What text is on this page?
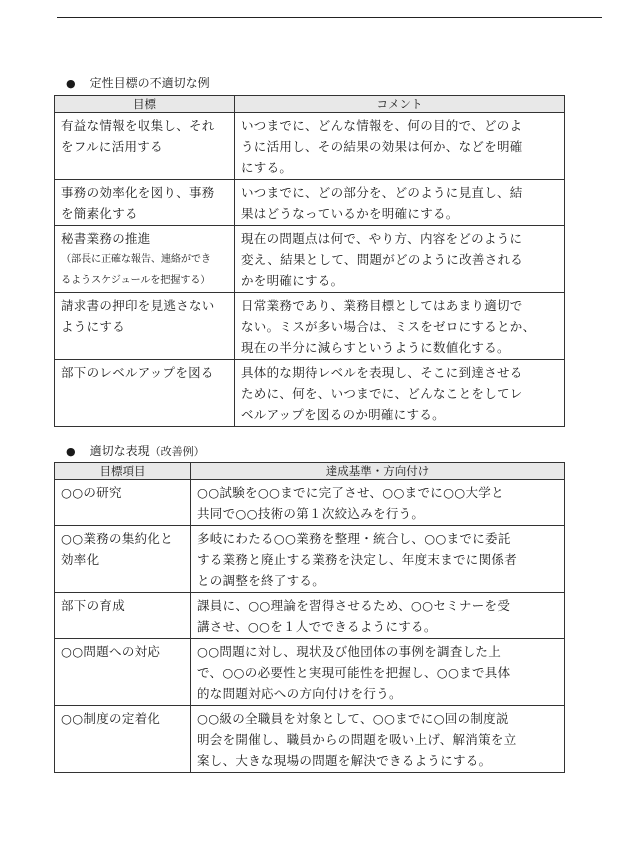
● 定性目標の不適切な例
目標	コメント

有益な情報を収集し、それ
をフルに活用する	いつまでに、どんな情報を、何の目的で、どのよ
うに活用し、その結果の効果は何か、などを明確
にする。

事務の効率化を図り、事務
を簡素化する	いつまでに、どの部分を、どのように見直し、結
果はどうなっているかを明確にする。

秘書業務の推進
（部長に正確な報告、連絡ができ
るようスケジュールを把握する）	現在の問題点は何で、やり方、内容をどのように
変え、結果として、問題がどのように改善される
かを明確にする。

請求書の押印を見逃さない
ようにする	日常業務であり、業務目標としてはあまり適切で
ない。ミスが多い場合は、ミスをゼロにするとか、
現在の半分に減らすというように数値化する。

部下のレベルアップを図る	具体的な期待レベルを表現し、そこに到達させる
ために、何を、いつまでに、どんなことをしてレ
ベルアップを図るのか明確にする。
● 適切な表現（改善例）
目標項目	達成基準・方向付け

○○の研究	○○試験を○○までに完了させ、○○までに○○大学と
共同で○○技術の第１次絞込みを行う。

○○業務の集約化と
効率化	多岐にわたる○○業務を整理・統合し、○○までに委託
する業務と廃止する業務を決定し、年度末までに関係者
との調整を終了する。

部下の育成	課員に、○○理論を習得させるため、○○セミナーを受
講させ、○○を１人でできるようにする。

○○問題への対応	○○問題に対し、現状及び他団体の事例を調査した上
で、○○の必要性と実現可能性を把握し、○○まで具体
的な問題対応への方向付けを行う。

○○制度の定着化	○○級の全職員を対象として、○○までに○回の制度説
明会を開催し、職員からの問題を吸い上げ、解消策を立
案し、大きな現場の問題を解決できるようにする。
